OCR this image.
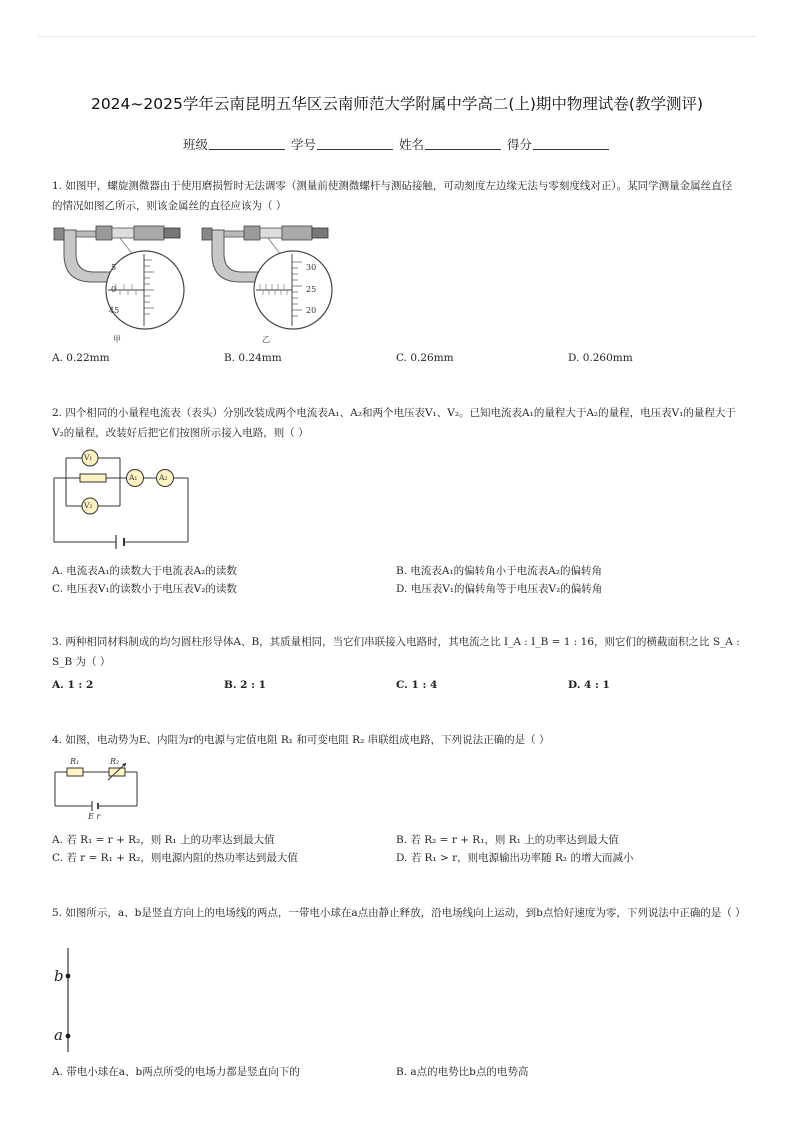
2024~2025学年云南昆明五华区云南师范大学附属中学高二(上)期中物理试卷(教学测评)
班级	学号	姓名	得分
1. 如图甲，螺旋测微器由于使用磨损暂时无法调零（测量前使测微螺杆与测砧接触，可动刻度左边缘无法与零刻度线对正）。某同学测量金属丝直径的情况如图乙所示，则该金属丝的直径应该为（ ）
5
0
45
甲
30
25
20
乙
A. 0.22mm	B. 0.24mm	C. 0.26mm	D. 0.260mm
2. 四个相同的小量程电流表（表头）分别改装成两个电流表A₁、A₂和两个电压表V₁、V₂。已知电流表A₁的量程大于A₂的量程，电压表V₁的量程大于V₂的量程，改装好后把它们按图所示接入电路，则（ ）
V₁
V₂
A₁	A₂
A. 电流表A₁的读数大于电流表A₂的读数	B. 电流表A₁的偏转角小于电流表A₂的偏转角
C. 电压表V₁的读数小于电压表V₂的读数	D. 电压表V₁的偏转角等于电压表V₂的偏转角
3. 两种相同材料制成的均匀圆柱形导体A、B，其质量相同，当它们串联接入电路时，其电流之比 I_A : I_B = 1 : 16，则它们的横截面积之比 S_A : S_B 为（ ）
A. 1 : 2	B. 2 : 1	C. 1 : 4	D. 4 : 1
4. 如图，电动势为E、内阻为r的电源与定值电阻 R₁ 和可变电阻 R₂ 串联组成电路，下列说法正确的是（ ）
R₁	R₂
E r
A. 若 R₁ = r + R₂，则 R₁ 上的功率达到最大值	B. 若 R₂ = r + R₁，则 R₁ 上的功率达到最大值
C. 若 r = R₁ + R₂，则电源内阻的热功率达到最大值	D. 若 R₁ > r，则电源输出功率随 R₂ 的增大而减小
5. 如图所示，a、b是竖直方向上的电场线的两点，一带电小球在a点由静止释放，沿电场线向上运动，到b点恰好速度为零，下列说法中正确的是（ ）
b
a
A. 带电小球在a、b两点所受的电场力都是竖直向下的	B. a点的电势比b点的电势高
